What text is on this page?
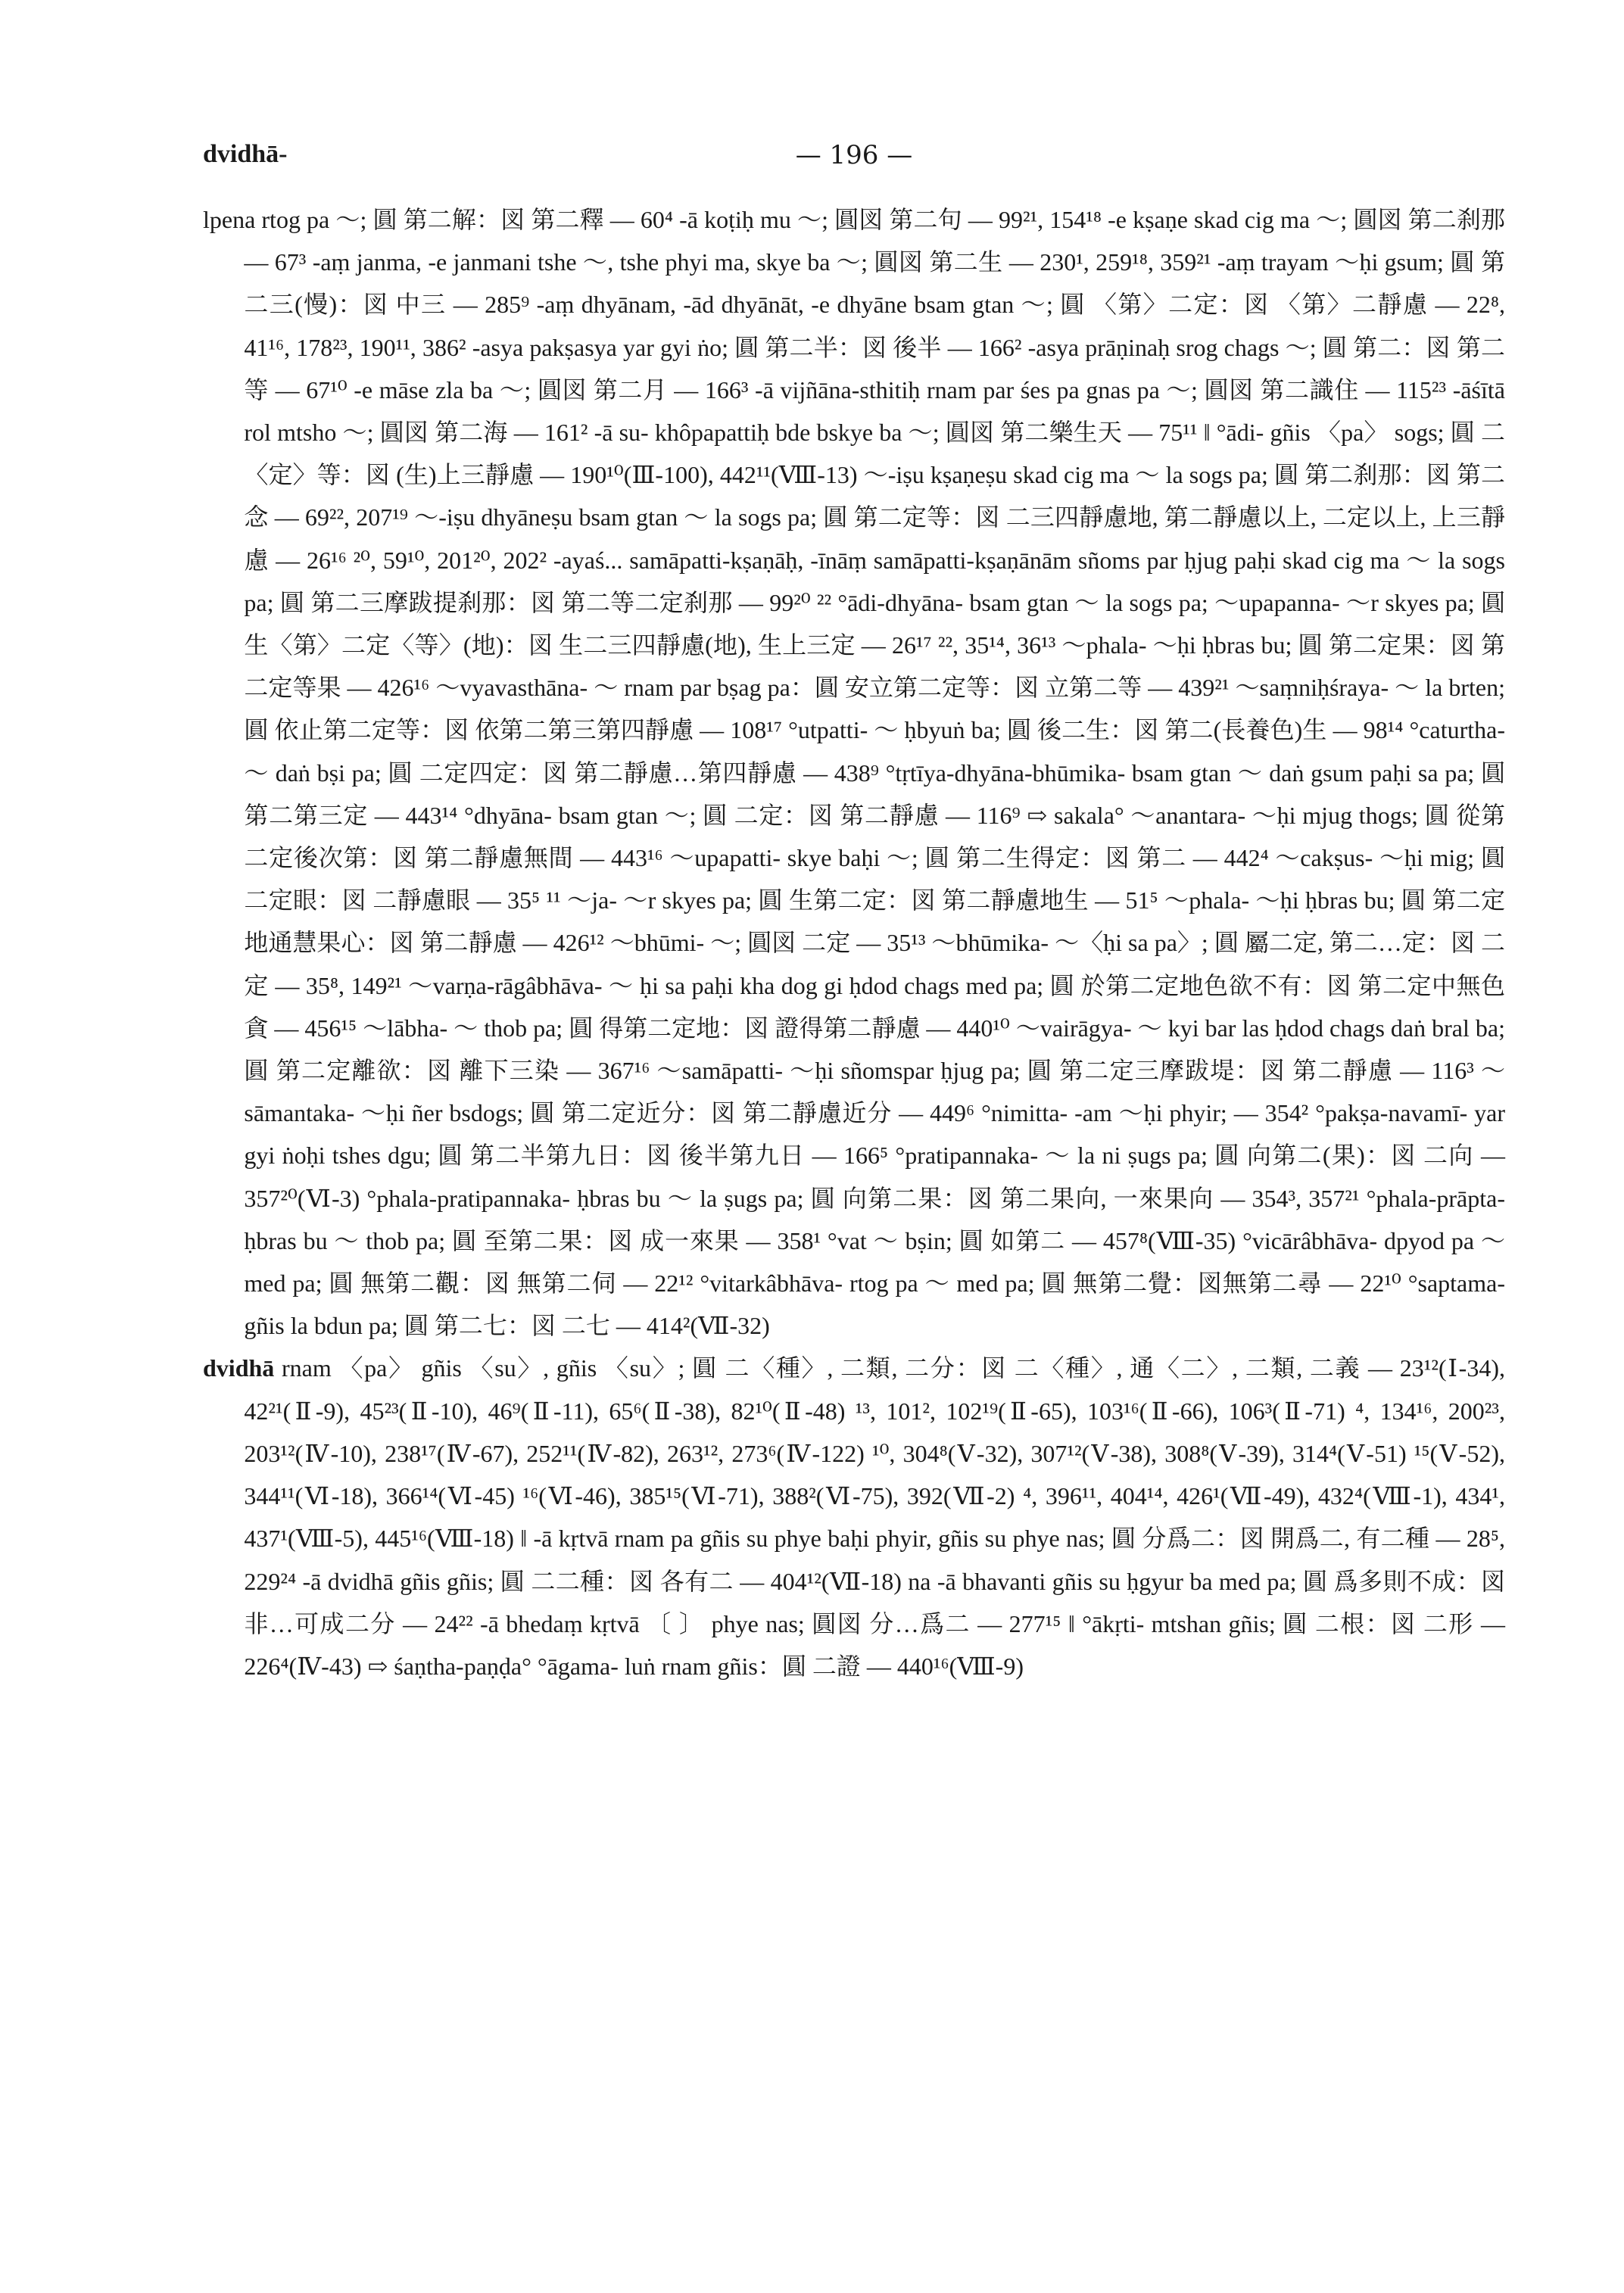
dvidhā-	— 196 —

lpena rtog pa ～; 圓 第二解：図 第二釋 — 60⁴ -ā koṭiḥ mu ～; 圓図 第二句 — 99²¹, 154¹⁸ -e kṣaṇe skad cig ma ～; 圓図 第二刹那 — 67³ -aṃ janma, -e janmani tshe ～, tshe phyi ma, skye ba ～; 圓図 第二生 — 230¹, 259¹⁸, 359²¹ -aṃ trayam ～ḥi gsum; 圓 第二三(慢)：図 中三 — 285⁹ -aṃ dhyānam, -ād dhyānāt, -e dhyāne bsam gtan ～; 圓 〈第〉二定：図 〈第〉二靜慮 — 22⁸, 41¹⁶, 178²³, 190¹¹, 386² -asya pakṣasya yar gyi ṅo; 圓 第二半：図 後半 — 166² -asya prāṇinaḥ srog chags ～; 圓 第二：図 第二等 — 67¹⁰ -e māse zla ba ～; 圓図 第二月 — 166³ -ā vijñāna-sthitiḥ rnam par śes pa gnas pa ～; 圓図 第二識住 — 115²³ -āśītā rol mtsho ～; 圓図 第二海 — 161² -ā su- khôpapattiḥ bde bskye ba ～; 圓図 第二樂生天 — 75¹¹ ‖ °ādi- gñis 〈pa〉 sogs; 圓 二〈定〉等：図 (生)上三靜慮 — 190¹⁰(Ⅲ-100), 442¹¹(Ⅷ-13) ～-iṣu kṣaṇeṣu skad cig ma ～ la sogs pa; 圓 第二刹那：図 第二念 — 69²², 207¹⁹ ～-iṣu dhyāneṣu bsam gtan ～ la sogs pa; 圓 第二定等：図 二三四靜慮地, 第二靜慮以上, 二定以上, 上三靜慮 — 26¹⁶ ²⁰, 59¹⁰, 201²⁰, 202² -ayaś... samāpatti-kṣaṇāḥ, -īnāṃ samāpatti-kṣaṇānām sñoms par ḥjug paḥi skad cig ma ～ la sogs pa; 圓 第二三摩跋提刹那：図 第二等二定刹那 — 99²⁰ ²² °ādi-dhyāna- bsam gtan ～ la sogs pa; ～upapanna- ～r skyes pa; 圓 生〈第〉二定〈等〉(地)：図 生二三四靜慮(地), 生上三定 — 26¹⁷ ²², 35¹⁴, 36¹³ ～phala- ～ḥi ḥbras bu; 圓 第二定果：図 第二定等果 — 426¹⁶ ～vyavasthāna- ～ rnam par bṣag pa：圓 安立第二定等：図 立第二等 — 439²¹ ～saṃniḥśraya- ～ la brten; 圓 依止第二定等：図 依第二第三第四靜慮 — 108¹⁷ °utpatti- ～ ḥbyuṅ ba; 圓 後二生：図 第二(長養色)生 — 98¹⁴ °caturtha- ～ daṅ bṣi pa; 圓 二定四定：図 第二靜慮…第四靜慮 — 438⁹ °tṛtīya-dhyāna-bhūmika- bsam gtan ～ daṅ gsum paḥi sa pa; 圓 第二第三定 — 443¹⁴ °dhyāna- bsam gtan ～; 圓 二定：図 第二靜慮 — 116⁹ ⇨ sakala° ～anantara- ～ḥi mjug thogs; 圓 從第二定後次第：図 第二靜慮無間 — 443¹⁶ ～upapatti- skye baḥi ～; 圓 第二生得定：図 第二 — 442⁴ ～cakṣus- ～ḥi mig; 圓 二定眼：図 二靜慮眼 — 35⁵ ¹¹ ～ja- ～r skyes pa; 圓 生第二定：図 第二靜慮地生 — 51⁵ ～phala- ～ḥi ḥbras bu; 圓 第二定地通慧果心：図 第二靜慮 — 426¹² ～bhūmi- ～; 圓図 二定 — 35¹³ ～bhūmika- ～〈ḥi sa pa〉; 圓 屬二定, 第二…定：図 二定 — 35⁸, 149²¹ ～varṇa-rāgâbhāva- ～ ḥi sa paḥi kha dog gi ḥdod chags med pa; 圓 於第二定地色欲不有：図 第二定中無色貪 — 456¹⁵ ～lābha- ～ thob pa; 圓 得第二定地：図 證得第二靜慮 — 440¹⁰ ～vairāgya- ～ kyi bar las ḥdod chags daṅ bral ba; 圓 第二定離欲：図 離下三染 — 367¹⁶ ～samāpatti- ～ḥi sñomspar ḥjug pa; 圓 第二定三摩跋堤：図 第二靜慮 — 116³ ～sāmantaka- ～ḥi ñer bsdogs; 圓 第二定近分：図 第二靜慮近分 — 449⁶ °nimitta- -am ～ḥi phyir; — 354² °pakṣa-navamī- yar gyi ṅoḥi tshes dgu; 圓 第二半第九日：図 後半第九日 — 166⁵ °pratipannaka- ～ la ni ṣugs pa; 圓 向第二(果)：図 二向 — 357²⁰(Ⅵ-3) °phala-pratipannaka- ḥbras bu ～ la ṣugs pa; 圓 向第二果：図 第二果向, 一來果向 — 354³, 357²¹ °phala-prāpta- ḥbras bu ～ thob pa; 圓 至第二果：図 成一來果 — 358¹ °vat ～ bṣin; 圓 如第二 — 457⁸(Ⅷ-35) °vicārâbhāva- dpyod pa ～ med pa; 圓 無第二觀：図 無第二伺 — 22¹² °vitarkâbhāva- rtog pa ～ med pa; 圓 無第二覺：図無第二尋 — 22¹⁰ °saptama- gñis la bdun pa; 圓 第二七：図 二七 — 414²(Ⅶ-32)

dvidhā rnam 〈pa〉 gñis 〈su〉, gñis 〈su〉; 圓 二〈種〉, 二類, 二分：図 二〈種〉, 通〈二〉, 二類, 二義 — 23¹²(Ⅰ-34), 42²¹(Ⅱ-9), 45²³(Ⅱ-10), 46⁹(Ⅱ-11), 65⁶(Ⅱ-38), 82¹⁰(Ⅱ-48) ¹³, 101², 102¹⁹(Ⅱ-65), 103¹⁶(Ⅱ-66), 106³(Ⅱ-71) ⁴, 134¹⁶, 200²³, 203¹²(Ⅳ-10), 238¹⁷(Ⅳ-67), 252¹¹(Ⅳ-82), 263¹², 273⁶(Ⅳ-122) ¹⁰, 304⁸(Ⅴ-32), 307¹²(Ⅴ-38), 308⁸(Ⅴ-39), 314⁴(Ⅴ-51) ¹⁵(Ⅴ-52), 344¹¹(Ⅵ-18), 366¹⁴(Ⅵ-45) ¹⁶(Ⅵ-46), 385¹⁵(Ⅵ-71), 388²(Ⅵ-75), 392(Ⅶ-2) ⁴, 396¹¹, 404¹⁴, 426¹(Ⅶ-49), 432⁴(Ⅷ-1), 434¹, 437¹(Ⅷ-5), 445¹⁶(Ⅷ-18) ‖ -ā kṛtvā rnam pa gñis su phye baḥi phyir, gñis su phye nas; 圓 分爲二：図 開爲二, 有二種 — 28⁵, 229²⁴ -ā dvidhā gñis gñis; 圓 二二種：図 各有二 — 404¹²(Ⅶ-18) na -ā bhavanti gñis su ḥgyur ba med pa; 圓 爲多則不成：図 非…可成二分 — 24²² -ā bhedaṃ kṛtvā 〔 〕 phye nas; 圓図 分…爲二 — 277¹⁵ ‖ °ākṛti- mtshan gñis; 圓 二根：図 二形 — 226⁴(Ⅳ-43) ⇨ śaṇtha-paṇḍa° °āgama- luṅ rnam gñis：圓 二證 — 440¹⁶(Ⅷ-9)
